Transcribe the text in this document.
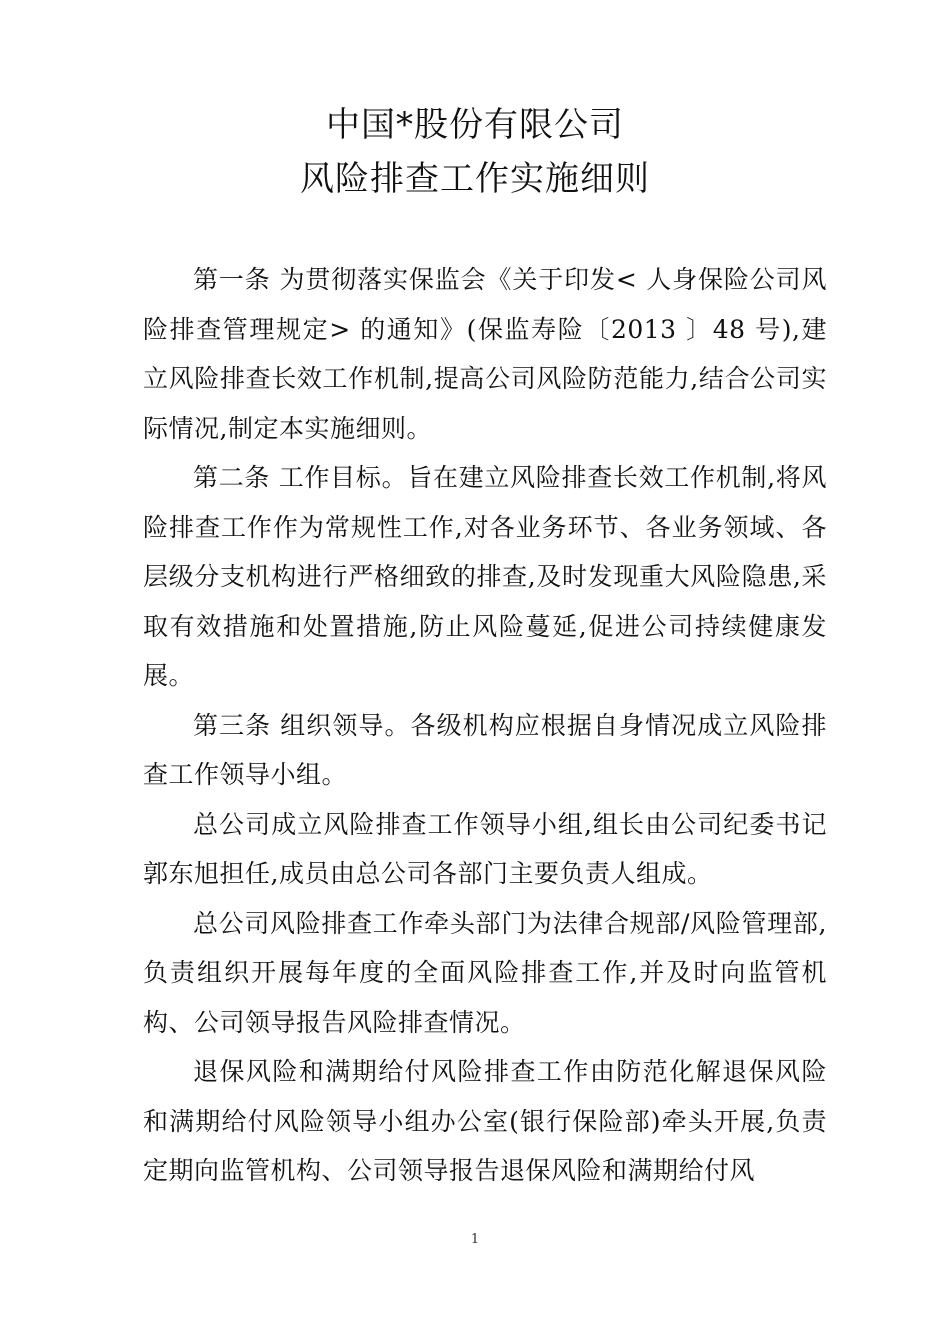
中国*股份有限公司
风险排查工作实施细则

第一条 为贯彻落实保监会《关于印发< 人身保险公司风险排查管理规定> 的通知》(保监寿险〔2013 〕48 号),建立风险排查长效工作机制,提高公司风险防范能力,结合公司实际情况,制定本实施细则。

第二条 工作目标。旨在建立风险排查长效工作机制,将风险排查工作作为常规性工作,对各业务环节、各业务领域、各层级分支机构进行严格细致的排查,及时发现重大风险隐患,采取有效措施和处置措施,防止风险蔓延,促进公司持续健康发展。

第三条 组织领导。各级机构应根据自身情况成立风险排查工作领导小组。

总公司成立风险排查工作领导小组,组长由公司纪委书记郭东旭担任,成员由总公司各部门主要负责人组成。

总公司风险排查工作牵头部门为法律合规部/风险管理部,负责组织开展每年度的全面风险排查工作,并及时向监管机构、公司领导报告风险排查情况。

退保风险和满期给付风险排查工作由防范化解退保风险和满期给付风险领导小组办公室(银行保险部)牵头开展,负责定期向监管机构、公司领导报告退保风险和满期给付风

1
